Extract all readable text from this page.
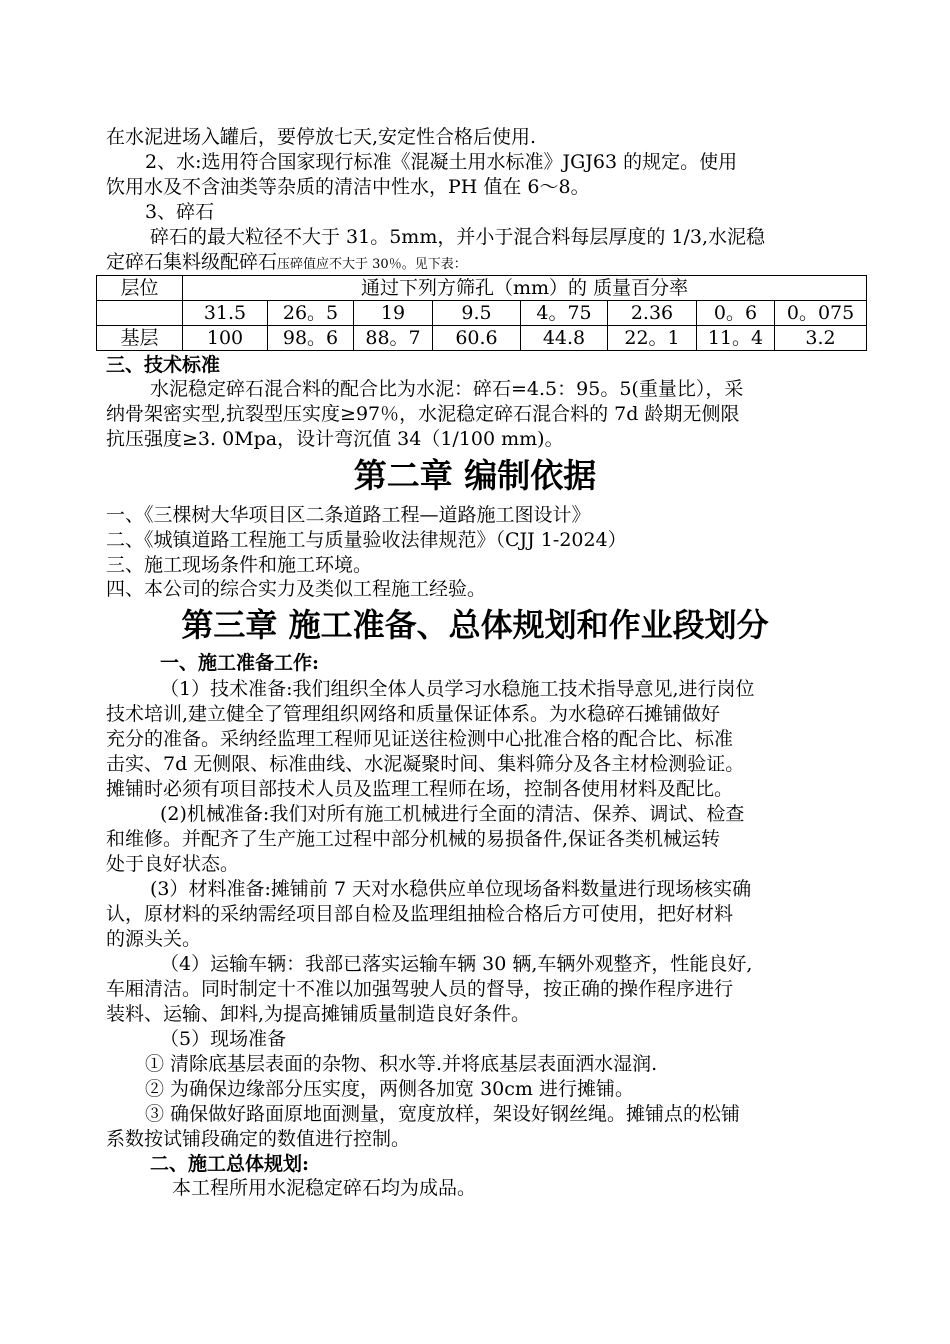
在水泥进场入罐后，要停放七天,安定性合格后使用.
2、水:选用符合国家现行标准《混凝土用水标准》JGJ63 的规定。使用
饮用水及不含油类等杂质的清洁中性水，PH 值在 6～8。
3、碎石
碎石的最大粒径不大于 31。5mm，并小于混合料每层厚度的 1/3,水泥稳
定碎石集料级配碎石压碎值应不大于 30％。见下表：
层位	通过下列方筛孔（mm）的 质量百分率							
	31.5	26。5	19	9.5	4。75	2.36	0。6	0。075
基层	100	98。6	88。7	60.6	44.8	22。1	11。4	3.2
三、技术标准
水泥稳定碎石混合料的配合比为水泥：碎石=4.5：95。5(重量比），采
纳骨架密实型,抗裂型压实度≥97％，水泥稳定碎石混合料的 7d 龄期无侧限
抗压强度≥3. 0Mpa，设计弯沉值 34（1/100 mm)。
第二章 编制依据
一、《三棵树大华项目区二条道路工程—道路施工图设计》
二、《城镇道路工程施工与质量验收法律规范》（CJJ 1-2024）
三、施工现场条件和施工环境。
四、本公司的综合实力及类似工程施工经验。
第三章 施工准备、总体规划和作业段划分
一、施工准备工作:
（1）技术准备:我们组织全体人员学习水稳施工技术指导意见,进行岗位
技术培训,建立健全了管理组织网络和质量保证体系。为水稳碎石摊铺做好
充分的准备。采纳经监理工程师见证送往检测中心批准合格的配合比、标准
击实、7d 无侧限、标准曲线、水泥凝聚时间、集料筛分及各主材检测验证。
摊铺时必须有项目部技术人员及监理工程师在场，控制各使用材料及配比。
(2)机械准备:我们对所有施工机械进行全面的清洁、保养、调试、检查
和维修。并配齐了生产施工过程中部分机械的易损备件,保证各类机械运转
处于良好状态。
(3）材料准备:摊铺前 7 天对水稳供应单位现场备料数量进行现场核实确
认，原材料的采纳需经项目部自检及监理组抽检合格后方可使用，把好材料
的源头关。
（4）运输车辆：我部已落实运输车辆 30 辆,车辆外观整齐，性能良好,
车厢清洁。同时制定十不准以加强驾驶人员的督导，按正确的操作程序进行
装料、运输、卸料,为提高摊铺质量制造良好条件。
（5）现场准备
① 清除底基层表面的杂物、积水等.并将底基层表面洒水湿润.
② 为确保边缘部分压实度，两侧各加宽 30cm 进行摊铺。
③ 确保做好路面原地面测量，宽度放样，架设好钢丝绳。摊铺点的松铺
系数按试铺段确定的数值进行控制。
二、施工总体规划:
本工程所用水泥稳定碎石均为成品。
